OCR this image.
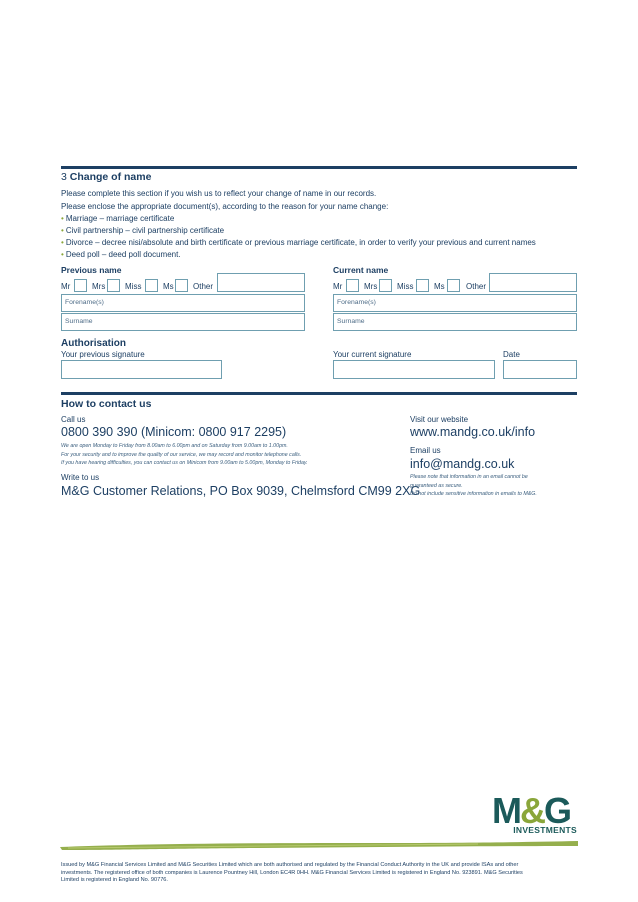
3 Change of name
Please complete this section if you wish us to reflect your change of name in our records.
Please enclose the appropriate document(s), according to the reason for your name change:
• Marriage – marriage certificate
• Civil partnership – civil partnership certificate
• Divorce – decree nisi/absolute and birth certificate or previous marriage certificate, in order to verify your previous and current names
• Deed poll – deed poll document.
Previous name
Mr	Mrs Miss	Ms Other
Forename(s)
Surname
Current name
Mr	Mrs Miss	Ms	Other
Forename(s)
Surname
Authorisation
Your previous signature	Your current signature	Date
How to contact us
Call us
0800 390 390 (Minicom: 0800 917 2295)
We are open Monday to Friday from 8.00am to 6.00pm and on Saturday from 9.00am to 1.00pm.
For your security and to improve the quality of our service, we may record and monitor telephone calls.
If you have hearing difficulties, you can contact us on Minicom from 9.00am to 5.00pm, Monday to Friday.
Write to us
M&G Customer Relations, PO Box 9039, Chelmsford CM99 2XG
Visit our website
www.mandg.co.uk/info
Email us
info@mandg.co.uk
Please note that information in an email cannot be
guaranteed as secure.
Do not include sensitive information in emails to M&G.
M&G
INVESTMENTS
Issued by M&G Financial Services Limited and M&G Securities Limited which are both authorised and regulated by the Financial Conduct Authority in the UK and provide ISAs and other
investments. The registered office of both companies is Laurence Pountney Hill, London EC4R 0HH. M&G Financial Services Limited is registered in England No. 923891. M&G Securities
Limited is registered in England No. 90776.
